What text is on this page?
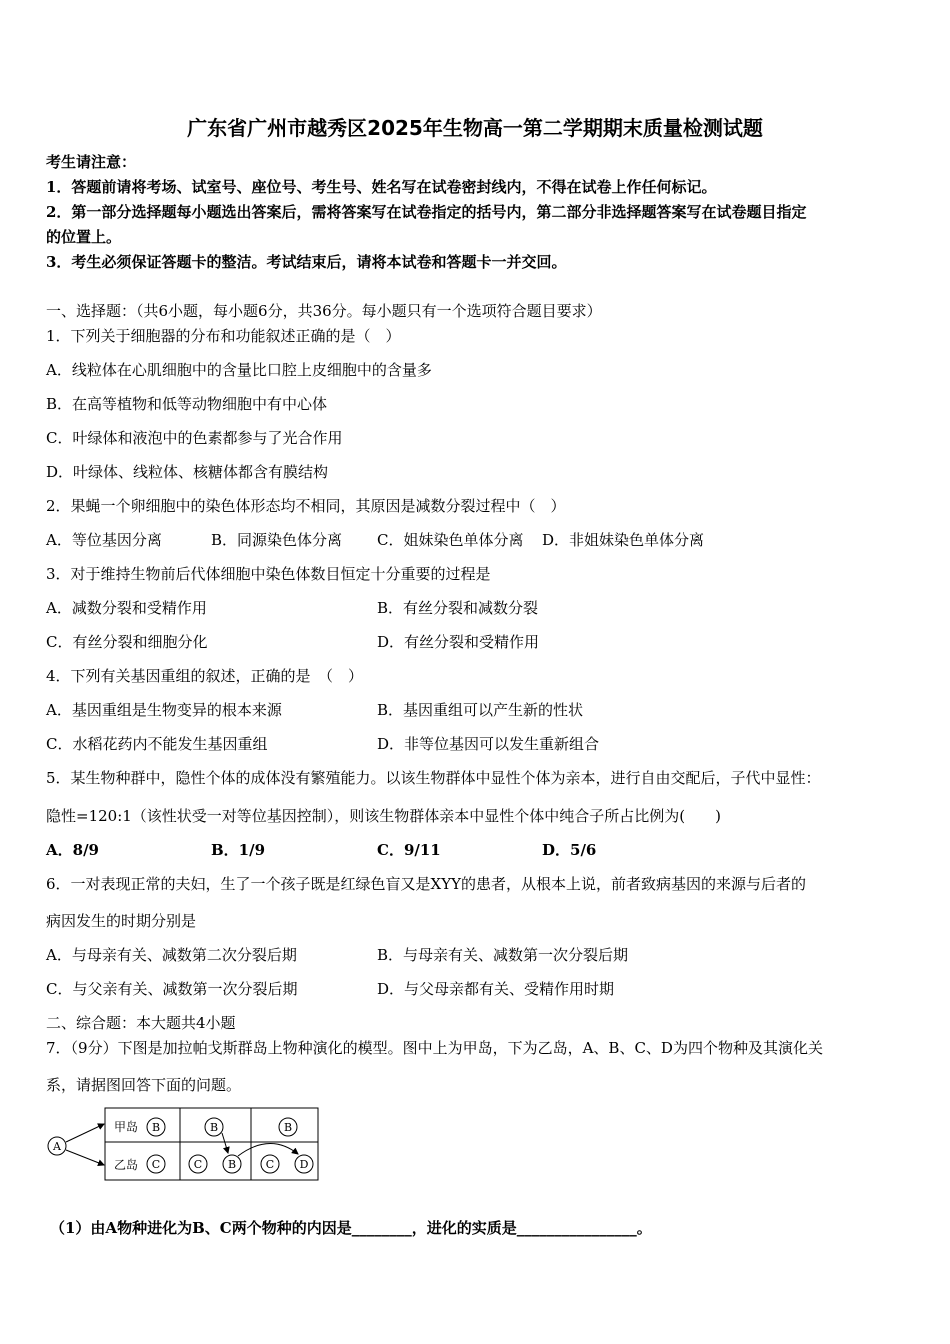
广东省广州市越秀区2025年生物高一第二学期期末质量检测试题
考生请注意：
1．答题前请将考场、试室号、座位号、考生号、姓名写在试卷密封线内，不得在试卷上作任何标记。
2．第一部分选择题每小题选出答案后，需将答案写在试卷指定的括号内，第二部分非选择题答案写在试卷题目指定
的位置上。
3．考生必须保证答题卡的整洁。考试结束后，请将本试卷和答题卡一并交回。
一、选择题：（共6小题，每小题6分，共36分。每小题只有一个选项符合题目要求）
1．下列关于细胞器的分布和功能叙述正确的是（　）
A．线粒体在心肌细胞中的含量比口腔上皮细胞中的含量多
B．在高等植物和低等动物细胞中有中心体
C．叶绿体和液泡中的色素都参与了光合作用
D．叶绿体、线粒体、核糖体都含有膜结构
2．果蝇一个卵细胞中的染色体形态均不相同，其原因是减数分裂过程中（　）
A．等位基因分离	B．同源染色体分离 C．姐妹染色单体分离 D．非姐妹染色单体分离
3．对于维持生物前后代体细胞中染色体数目恒定十分重要的过程是
A．减数分裂和受精作用	B．有丝分裂和减数分裂
C．有丝分裂和细胞分化	D．有丝分裂和受精作用
4．下列有关基因重组的叙述，正确的是　（　）
A．基因重组是生物变异的根本来源	B．基因重组可以产生新的性状
C．水稻花药内不能发生基因重组	D．非等位基因可以发生重新组合
5．某生物种群中，隐性个体的成体没有繁殖能力。以该生物群体中显性个体为亲本，进行自由交配后，子代中显性：
隐性=120:1（该性状受一对等位基因控制），则该生物群体亲本中显性个体中纯合子所占比例为(　　)
A．8/9	B．1/9	C．9/11	D．5/6
6．一对表现正常的夫妇，生了一个孩子既是红绿色盲又是XYY的患者，从根本上说，前者致病基因的来源与后者的
病因发生的时期分别是
A．与母亲有关、减数第二次分裂后期	B．与母亲有关、减数第一次分裂后期
C．与父亲有关、减数第一次分裂后期	D．与父母亲都有关、受精作用时期
二、综合题：本大题共4小题
7．（9分）下图是加拉帕戈斯群岛上物种演化的模型。图中上为甲岛，下为乙岛，A、B、C、D为四个物种及其演化关
系，请据图回答下面的问题。
甲岛
乙岛
A
B
C
B
C B
B
C D
（1）由A物种进化为B、C两个物种的内因是________，进化的实质是________________。
